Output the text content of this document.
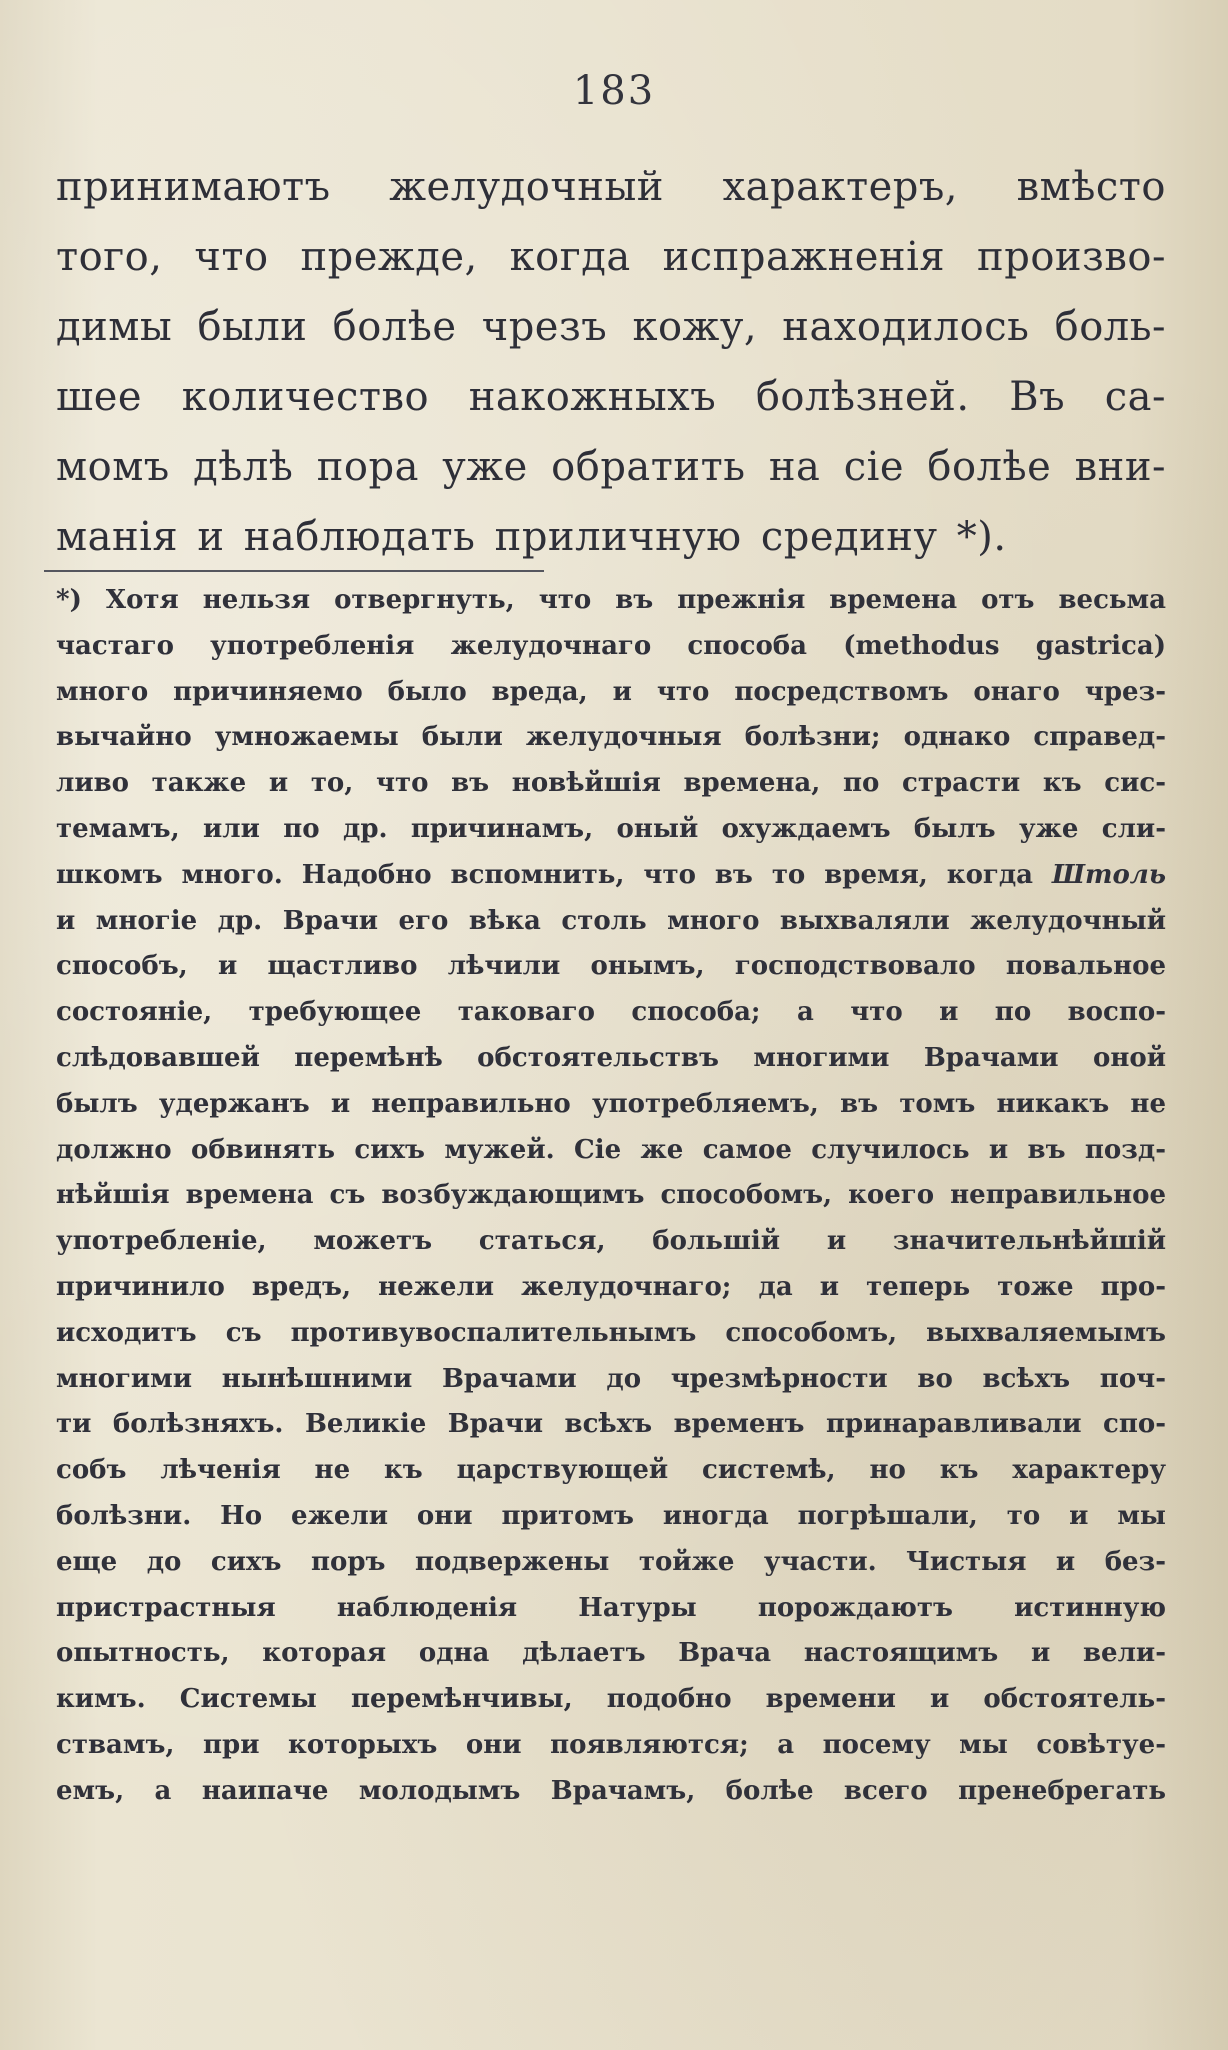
183
принимаютъ желудочный характеръ, вмѣсто
того, что прежде, когда испражненія произво-
димы были болѣе чрезъ кожу, находилось боль-
шее количество накожныхъ болѣзней. Въ са-
момъ дѣлѣ пора уже обратить на сіе болѣе вни-
манія и наблюдать приличную средину *).
*) Хотя нельзя отвергнуть, что въ прежнія времена отъ весьма
частаго употребленія желудочнаго способа (methodus gastrica)
много причиняемо было вреда, и что посредствомъ онаго чрез-
вычайно умножаемы были желудочныя болѣзни; однако справед-
ливо также и то, что въ новѣйшія времена, по страсти къ сис-
темамъ, или по др. причинамъ, оный охуждаемъ былъ уже сли-
шкомъ много. Надобно вспомнить, что въ то время, когда Штоль
и многіе др. Врачи его вѣка столь много выхваляли желудочный
способъ, и щастливо лѣчили онымъ, господствовало повальное
состояніе, требующее таковаго способа; а что и по воспо-
слѣдовавшей перемѣнѣ обстоятельствъ многими Врачами оной
былъ удержанъ и неправильно употребляемъ, въ томъ никакъ не
должно обвинять сихъ мужей. Сіе же самое случилось и въ позд-
нѣйшія времена съ возбуждающимъ способомъ, коего неправильное
употребленіе, можетъ статься, большій и значительнѣйшій
причинило вредъ, нежели желудочнаго; да и теперь тоже про-
исходитъ съ противувоспалительнымъ способомъ, выхваляемымъ
многими нынѣшними Врачами до чрезмѣрности во всѣхъ поч-
ти болѣзняхъ. Великіе Врачи всѣхъ временъ принаравливали спо-
собъ лѣченія не къ царствующей системѣ, но къ характеру
болѣзни. Но ежели они притомъ иногда погрѣшали, то и мы
еще до сихъ поръ подвержены тойже участи. Чистыя и без-
пристрастныя наблюденія Натуры порождаютъ истинную
опытность, которая одна дѣлаетъ Врача настоящимъ и вели-
кимъ. Системы перемѣнчивы, подобно времени и обстоятель-
ствамъ, при которыхъ они появляются; а посему мы совѣтуе-
емъ, а наипаче молодымъ Врачамъ, болѣе всего пренебрегать
